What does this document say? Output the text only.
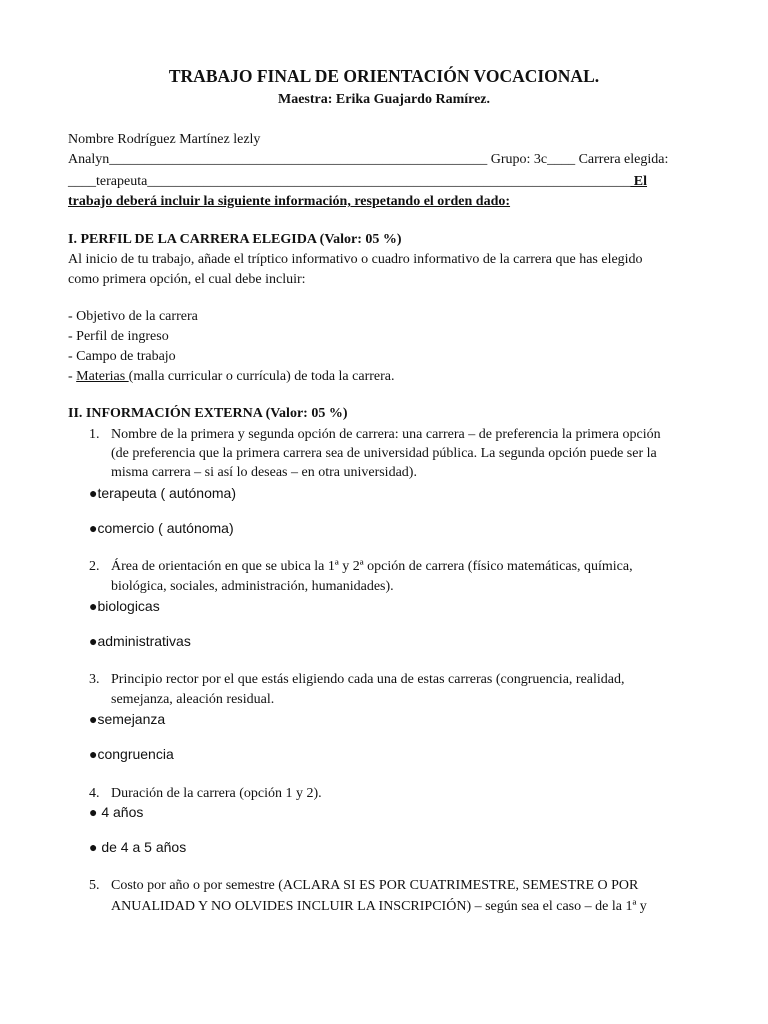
TRABAJO FINAL DE ORIENTACIÓN VOCACIONAL.
Maestra: Erika Guajardo Ramírez.
Nombre Rodríguez Martínez lezly
Analyn______________________________________________________ Grupo: 3c____ Carrera elegida:
____terapeuta_____________________________________________________________________ El
trabajo deberá incluir la siguiente información, respetando el orden dado:
I. PERFIL DE LA CARRERA ELEGIDA (Valor: 05 %)
Al inicio de tu trabajo, añade el tríptico informativo o cuadro informativo de la carrera que has elegido
como primera opción, el cual debe incluir:
- Objetivo de la carrera
- Perfil de ingreso
- Campo de trabajo
- Materias (malla curricular o currícula) de toda la carrera.
II. INFORMACIÓN EXTERNA (Valor: 05 %)
1. Nombre de la primera y segunda opción de carrera: una carrera – de preferencia la primera opción
(de preferencia que la primera carrera sea de universidad pública. La segunda opción puede ser la
misma carrera – si así lo deseas – en otra universidad).
●terapeuta ( autónoma)
●comercio ( autónoma)
2. Área de orientación en que se ubica la 1ª y 2ª opción de carrera (físico matemáticas, química,
biológica, sociales, administración, humanidades).
●biologicas
●administrativas
3. Principio rector por el que estás eligiendo cada una de estas carreras (congruencia, realidad,
semejanza, aleación residual.
●semejanza
●congruencia
4. Duración de la carrera (opción 1 y 2).
● 4 años
● de 4 a 5 años
5. Costo por año o por semestre (ACLARA SI ES POR CUATRIMESTRE, SEMESTRE O POR
ANUALIDAD Y NO OLVIDES INCLUIR LA INSCRIPCIÓN) – según sea el caso – de la 1ª y
